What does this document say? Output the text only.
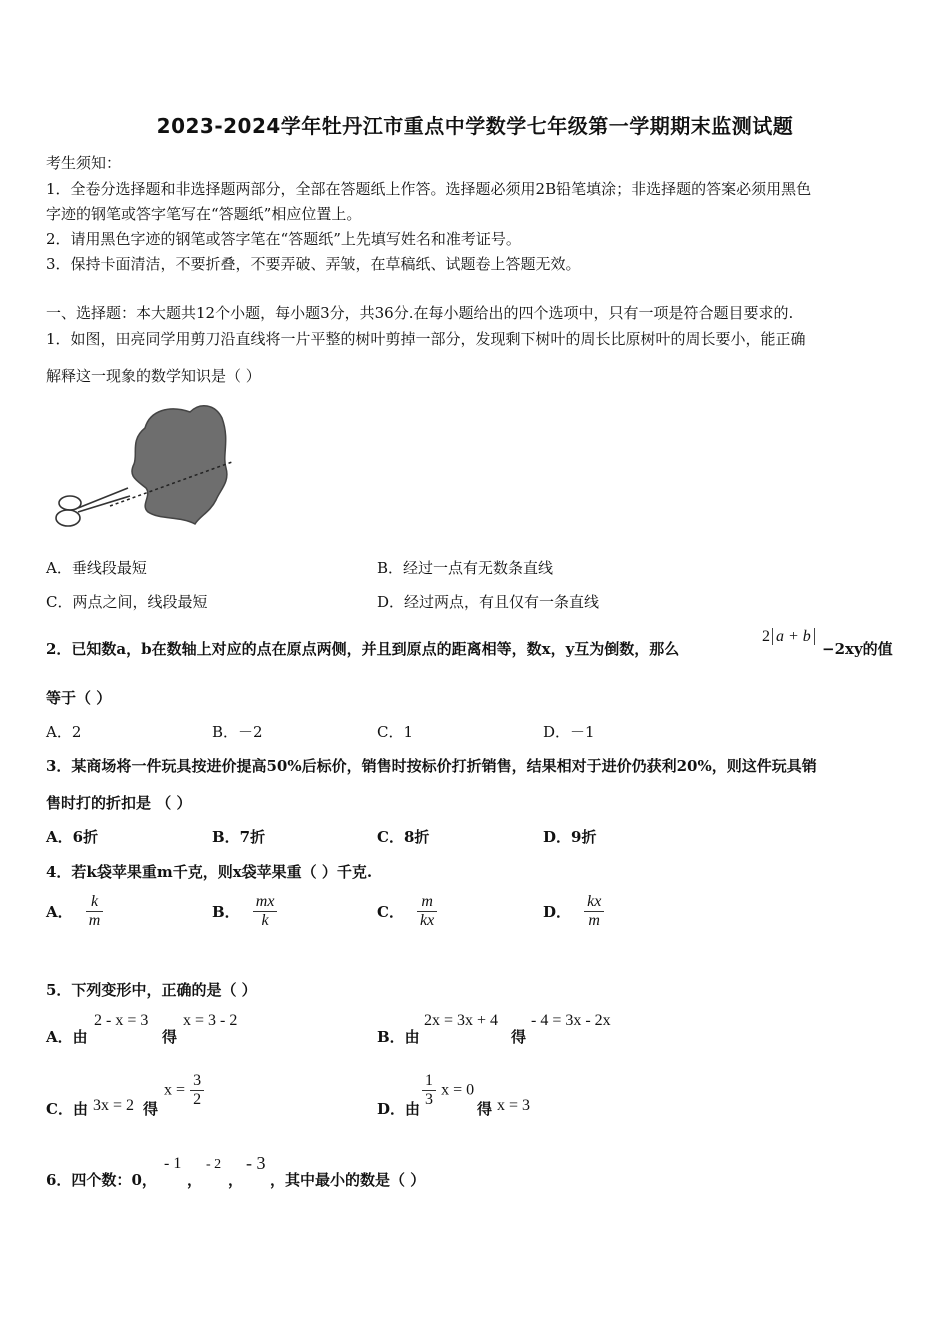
2023-2024学年牡丹江市重点中学数学七年级第一学期期末监测试题
考生须知：
1．全卷分选择题和非选择题两部分，全部在答题纸上作答。选择题必须用2B铅笔填涂；非选择题的答案必须用黑色
字迹的钢笔或答字笔写在“答题纸”相应位置上。
2．请用黑色字迹的钢笔或答字笔在“答题纸”上先填写姓名和准考证号。
3．保持卡面清洁，不要折叠，不要弄破、弄皱，在草稿纸、试题卷上答题无效。
一、选择题：本大题共12个小题，每小题3分，共36分.在每小题给出的四个选项中，只有一项是符合题目要求的.
1．如图，田亮同学用剪刀沿直线将一片平整的树叶剪掉一部分，发现剩下树叶的周长比原树叶的周长要小，能正确
解释这一现象的数学知识是（ ）
A．垂线段最短	B．经过一点有无数条直线
C．两点之间，线段最短	D．经过两点，有且仅有一条直线
2．已知数a，b在数轴上对应的点在原点两侧，并且到原点的距离相等，数x，y互为倒数，那么
2 a + b
−2xy的值
等于（ ）
A．2	B．－2	C．1	D．－1
3．某商场将一件玩具按进价提高50%后标价，销售时按标价打折销售，结果相对于进价仍获利20%，则这件玩具销
售时打的折扣是 （ ）
A．6折	B．7折	C．8折	D．9折
4．若k袋苹果重m千克，则x袋苹果重（ ）千克.
A． $\frac{k}{m}$	B． $\frac{mx}{k}$	C． $\frac{m}{kx}$	D． $\frac{kx}{m}$
5．下列变形中，正确的是（ ）
A．由
2 - x = 3
得
x = 3 - 2
B．由
2x = 3x + 4
得
- 4 = 3x - 2x
C．由 3x = 2 得
$x = \frac{3}{2}$	D．由 $\frac{1}{3}$ x = 0
得 x = 3
6．四个数：0，
- 1
，
- 2
，
- 3
，其中最小的数是（ ）
